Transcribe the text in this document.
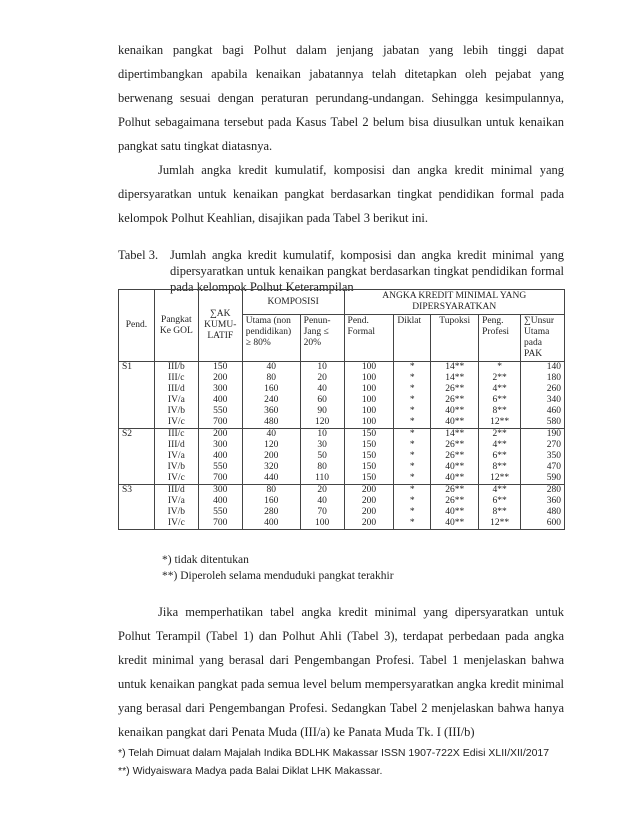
kenaikan pangkat bagi Polhut dalam jenjang jabatan yang lebih tinggi dapat dipertimbangkan apabila kenaikan jabatannya telah ditetapkan oleh pejabat yang berwenang sesuai dengan peraturan perundang-undangan. Sehingga kesimpulannya, Polhut sebagaimana tersebut pada Kasus Tabel 2 belum bisa diusulkan untuk kenaikan pangkat satu tingkat diatasnya.

Jumlah angka kredit kumulatif, komposisi dan angka kredit minimal yang dipersyaratkan untuk kenaikan pangkat berdasarkan tingkat pendidikan formal pada kelompok Polhut Keahlian, disajikan pada Tabel 3 berikut ini.

Tabel 3. Jumlah angka kredit kumulatif, komposisi dan angka kredit minimal yang dipersyaratkan untuk kenaikan pangkat berdasarkan tingkat pendidikan formal pada kelompok Polhut Keterampilan
Pend.	Pangkat Ke GOL	∑AK KUMU-LATIF	KOMPOSISI		ANGKA KREDIT MINIMAL YANG DIPERSYARATKAN				
			Utama (non pendidikan) ≥ 80%	Penun-Jang ≤ 20%	Pend. Formal	Diklat	Tupoksi	Peng. Profesi	∑Unsur Utama pada PAK
S1	III/b	150	40	10	100	*	14**	*	140
	III/c	200	80	20	100	*	14**	2**	180
	III/d	300	160	40	100	*	26**	4**	260
	IV/a	400	240	60	100	*	26**	6**	340
	IV/b	550	360	90	100	*	40**	8**	460
	IV/c	700	480	120	100	*	40**	12**	580
S2	III/c	200	40	10	150	*	14**	2**	190
	III/d	300	120	30	150	*	26**	4**	270
	IV/a	400	200	50	150	*	26**	6**	350
	IV/b	550	320	80	150	*	40**	8**	470
	IV/c	700	440	110	150	*	40**	12**	590
S3	III/d	300	80	20	200	*	26**	4**	280
	IV/a	400	160	40	200	*	26**	6**	360
	IV/b	550	280	70	200	*	40**	8**	480
	IV/c	700	400	100	200	*	40**	12**	600

*) tidak ditentukan

**) Diperoleh selama menduduki pangkat terakhir

Jika memperhatikan tabel angka kredit minimal yang dipersyaratkan untuk Polhut Terampil (Tabel 1) dan Polhut Ahli (Tabel 3), terdapat perbedaan pada angka kredit minimal yang berasal dari Pengembangan Profesi. Tabel 1 menjelaskan bahwa untuk kenaikan pangkat pada semua level belum mempersyaratkan angka kredit minimal yang berasal dari Pengembangan Profesi. Sedangkan Tabel 2 menjelaskan bahwa hanya kenaikan pangkat dari Penata Muda (III/a) ke Panata Muda Tk. I (III/b)

*) Telah Dimuat dalam Majalah Indika BDLHK Makassar ISSN 1907-722X Edisi XLII/XII/2017

**) Widyaiswara Madya pada Balai Diklat LHK Makassar.
